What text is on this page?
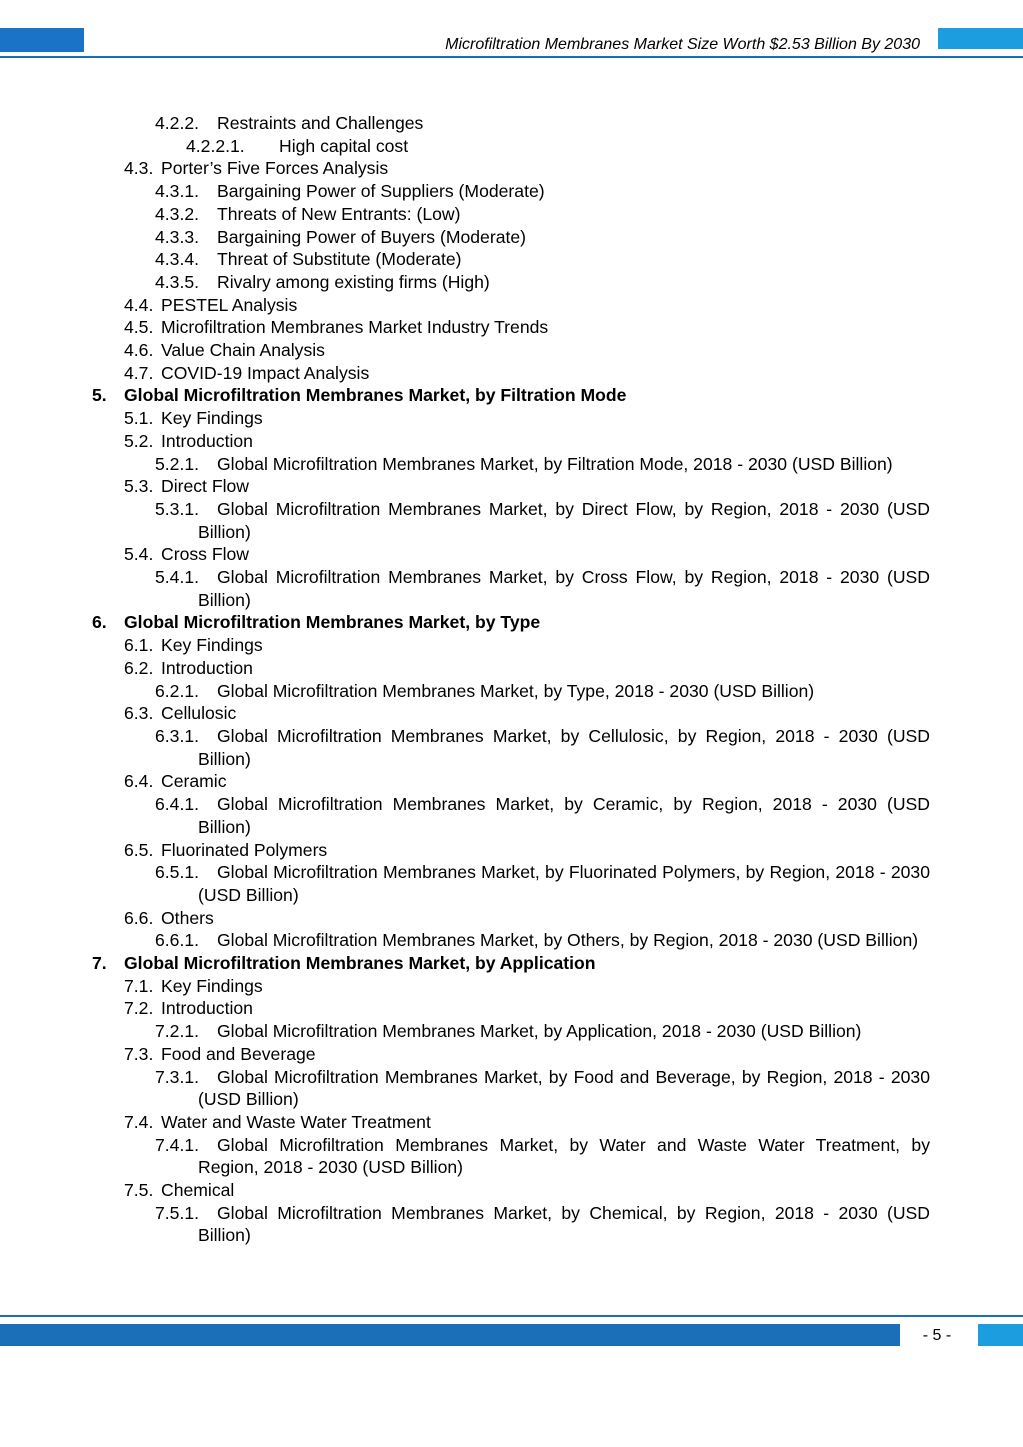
Microfiltration Membranes Market Size Worth $2.53 Billion By 2030
4.2.2. Restraints and Challenges
4.2.2.1. High capital cost
4.3. Porter’s Five Forces Analysis
4.3.1. Bargaining Power of Suppliers (Moderate)
4.3.2. Threats of New Entrants: (Low)
4.3.3. Bargaining Power of Buyers (Moderate)
4.3.4. Threat of Substitute (Moderate)
4.3.5. Rivalry among existing firms (High)
4.4. PESTEL Analysis
4.5. Microfiltration Membranes Market Industry Trends
4.6. Value Chain Analysis
4.7. COVID-19 Impact Analysis
5. Global Microfiltration Membranes Market, by Filtration Mode
5.1. Key Findings
5.2. Introduction
5.2.1. Global Microfiltration Membranes Market, by Filtration Mode, 2018 - 2030 (USD Billion)
5.3. Direct Flow
5.3.1.	Global Microfiltration Membranes Market, by Direct Flow, by Region, 2018 - 2030 (USD Billion)
5.4. Cross Flow
5.4.1.	Global Microfiltration Membranes Market, by Cross Flow, by Region, 2018 - 2030 (USD Billion)
6. Global Microfiltration Membranes Market, by Type
6.1. Key Findings
6.2. Introduction
6.2.1. Global Microfiltration Membranes Market, by Type, 2018 - 2030 (USD Billion)
6.3. Cellulosic
6.3.1.	Global Microfiltration Membranes Market, by Cellulosic, by Region, 2018 - 2030 (USD Billion)
6.4. Ceramic
6.4.1.	Global Microfiltration Membranes Market, by Ceramic, by Region, 2018 - 2030 (USD Billion)
6.5. Fluorinated Polymers
6.5.1.	Global Microfiltration Membranes Market, by Fluorinated Polymers, by Region, 2018 - 2030 (USD Billion)
6.6. Others
6.6.1. Global Microfiltration Membranes Market, by Others, by Region, 2018 - 2030 (USD Billion)
7. Global Microfiltration Membranes Market, by Application
7.1. Key Findings
7.2. Introduction
7.2.1. Global Microfiltration Membranes Market, by Application, 2018 - 2030 (USD Billion)
7.3. Food and Beverage
7.3.1.	Global Microfiltration Membranes Market, by Food and Beverage, by Region, 2018 - 2030 (USD Billion)
7.4. Water and Waste Water Treatment
7.4.1.	Global Microfiltration Membranes Market, by Water and Waste Water Treatment, by Region, 2018 - 2030 (USD Billion)
7.5. Chemical
7.5.1.	Global Microfiltration Membranes Market, by Chemical, by Region, 2018 - 2030 (USD Billion)
- 5 -
